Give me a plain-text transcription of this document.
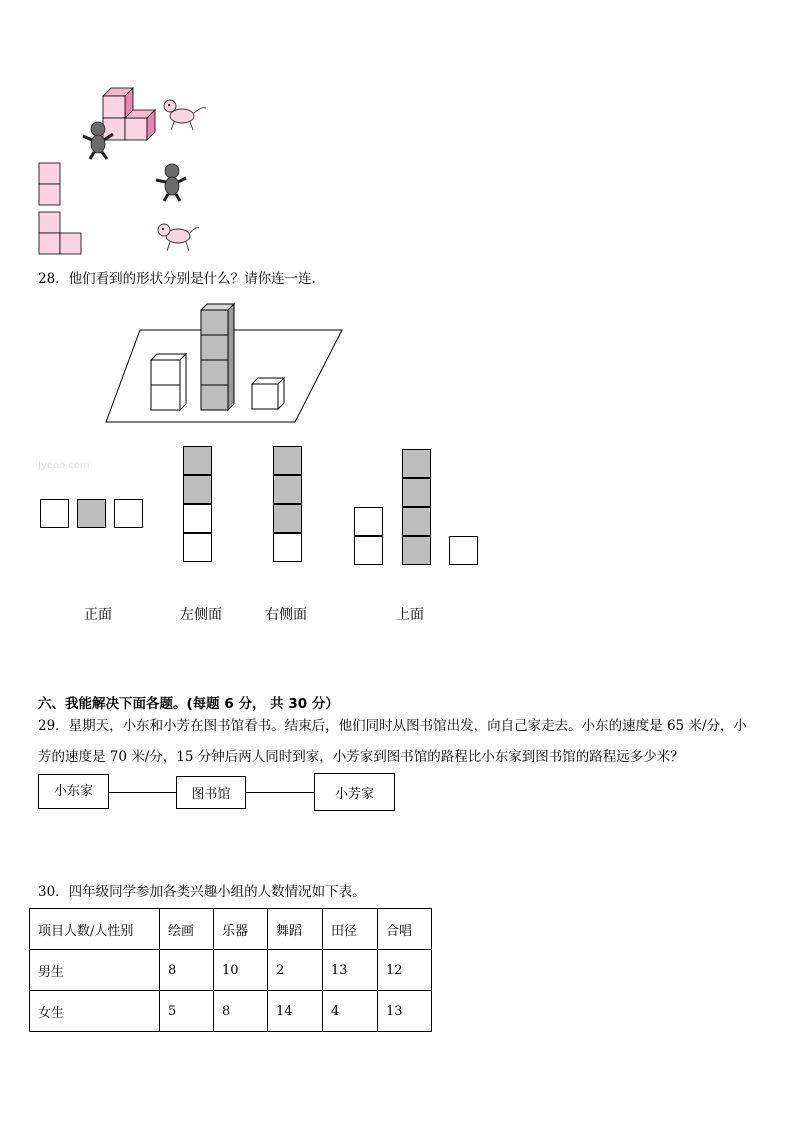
28．他们看到的形状分别是什么？请你连一连．
Jyeoo.com
正面	左侧面	右侧面	上面
六、我能解决下面各题。(每题 6 分， 共 30 分）
29．星期天，小东和小芳在图书馆看书。结束后，他们同时从图书馆出发，向自己家走去。小东的速度是 65 米/分，小
芳的速度是 70 米/分，15 分钟后两人同时到家，小芳家到图书馆的路程比小东家到图书馆的路程远多少米？
小东家	图书馆	小芳家
30．四年级同学参加各类兴趣小组的人数情况如下表。
项目人数/人性别	绘画	乐器	舞蹈	田径	合唱
男生	8	10	2	13	12
女生	5	8	14	4	13
